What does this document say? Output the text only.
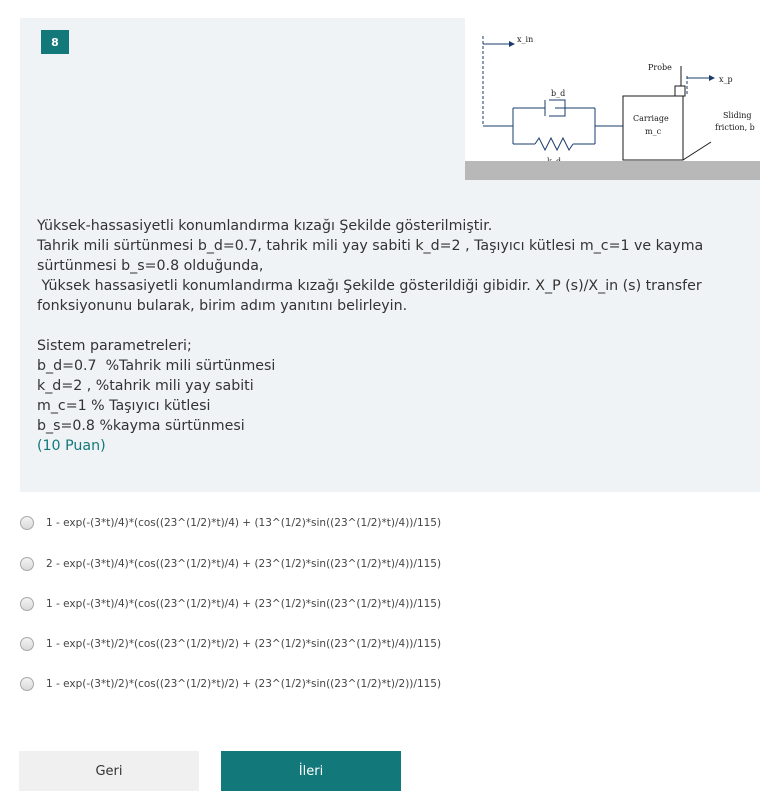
8	x_in
b_d
Probe
x_p
Carriage
m_c
Sliding
friction, b
Yüksek-hassasiyetli konumlandırma kızağı Şekilde gösterilmiştir.
Tahrik mili sürtünmesi b_d=0.7, tahrik mili yay sabiti k_d=2 , Taşıyıcı kütlesi m_c=1 ve kayma
sürtünmesi b_s=0.8 olduğunda,
Yüksek hassasiyetli konumlandırma kızağı Şekilde gösterildiği gibidir. X_P (s)/X_in (s) transfer
fonksiyonunu bularak, birim adım yanıtını belirleyin.
Sistem parametreleri;
b_d=0.7  %Tahrik mili sürtünmesi
k_d=2 , %tahrik mili yay sabiti
m_c=1 % Taşıyıcı kütlesi
b_s=0.8 %kayma sürtünmesi
(10 Puan)
1 - exp(-(3*t)/4)*(cos((23^(1/2)*t)/4) + (13^(1/2)*sin((23^(1/2)*t)/4))/115)
2 - exp(-(3*t)/4)*(cos((23^(1/2)*t)/4) + (23^(1/2)*sin((23^(1/2)*t)/4))/115)
1 - exp(-(3*t)/4)*(cos((23^(1/2)*t)/4) + (23^(1/2)*sin((23^(1/2)*t)/4))/115)
1 - exp(-(3*t)/2)*(cos((23^(1/2)*t)/2) + (23^(1/2)*sin((23^(1/2)*t)/4))/115)
1 - exp(-(3*t)/2)*(cos((23^(1/2)*t)/2) + (23^(1/2)*sin((23^(1/2)*t)/2))/115)
Geri	İleri
